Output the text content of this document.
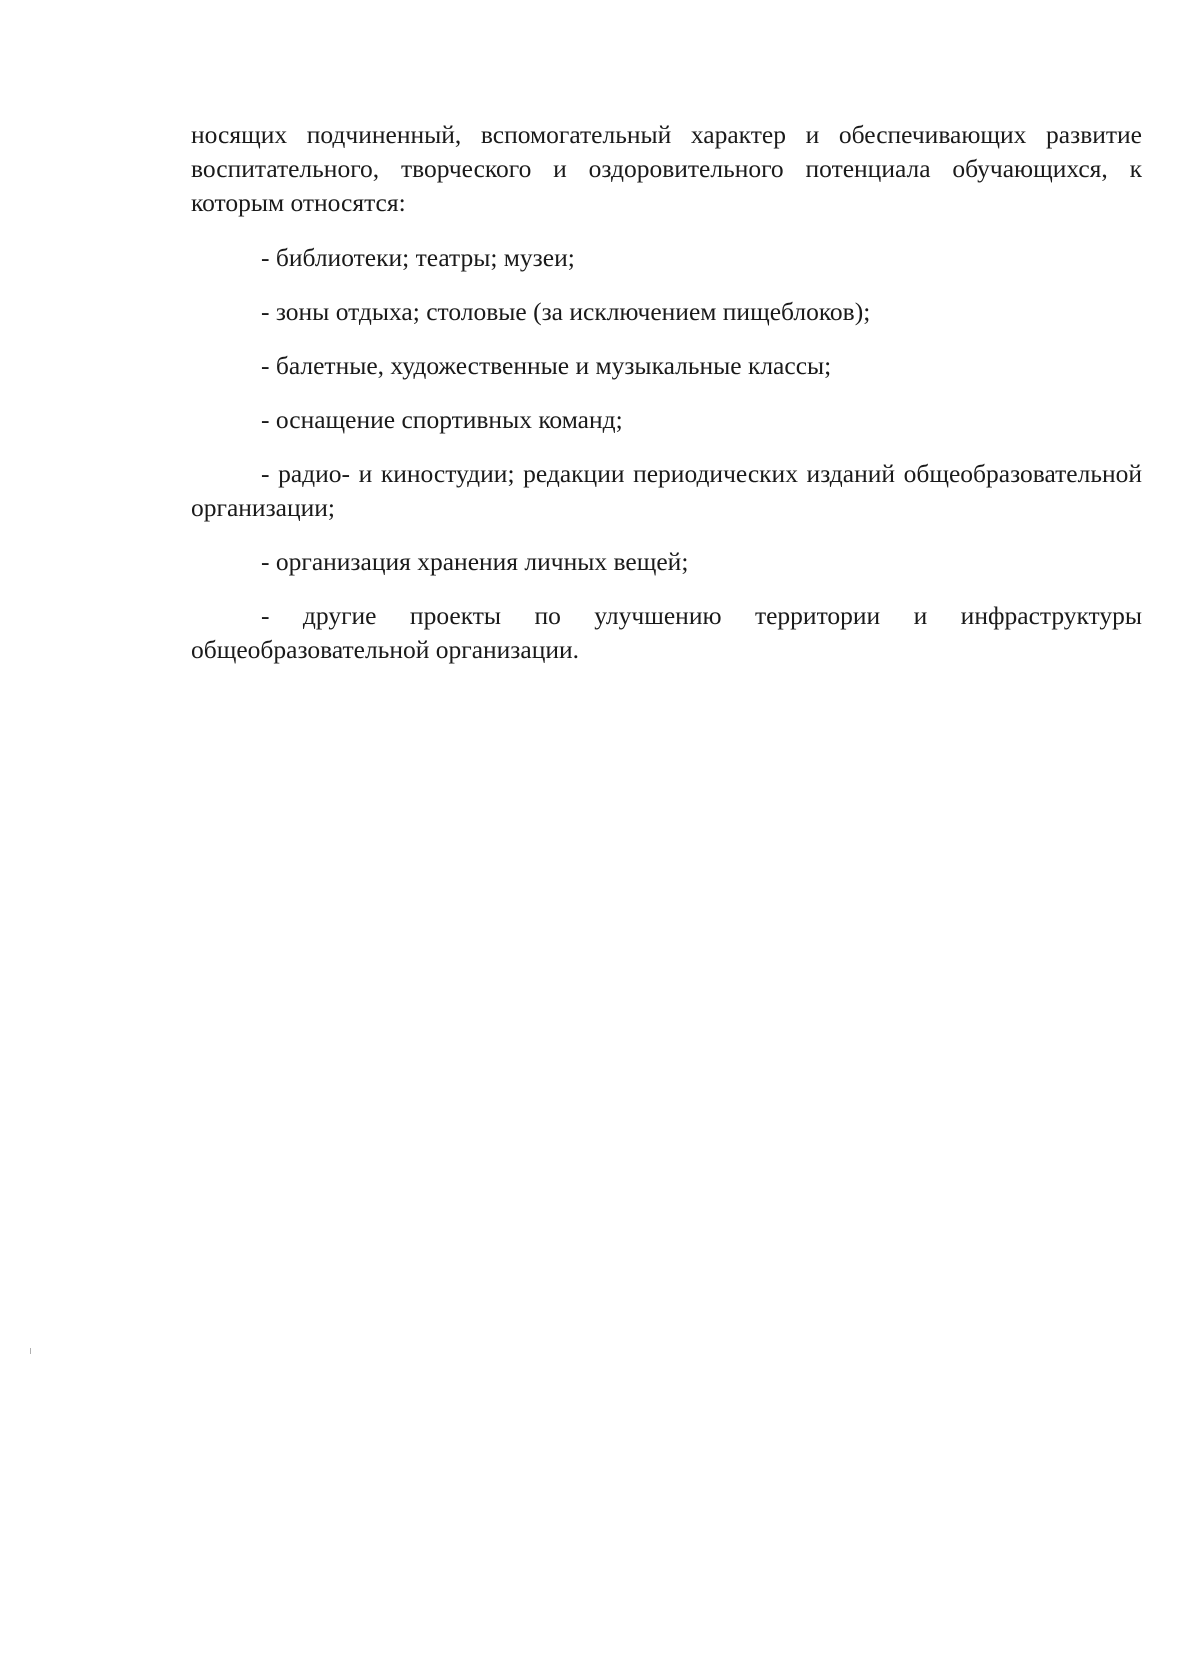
носящих подчиненный, вспомогательный характер и обеспечивающих развитие воспитательного, творческого и оздоровительного потенциала обучающихся, к которым относятся:

- библиотеки; театры; музеи;

- зоны отдыха; столовые (за исключением пищеблоков);

- балетные, художественные и музыкальные классы;

- оснащение спортивных команд;

- радио- и киностудии; редакции периодических изданий общеобразовательной организации;

- организация хранения личных вещей;

- другие проекты по улучшению территории и инфраструктуры общеобразовательной организации.
